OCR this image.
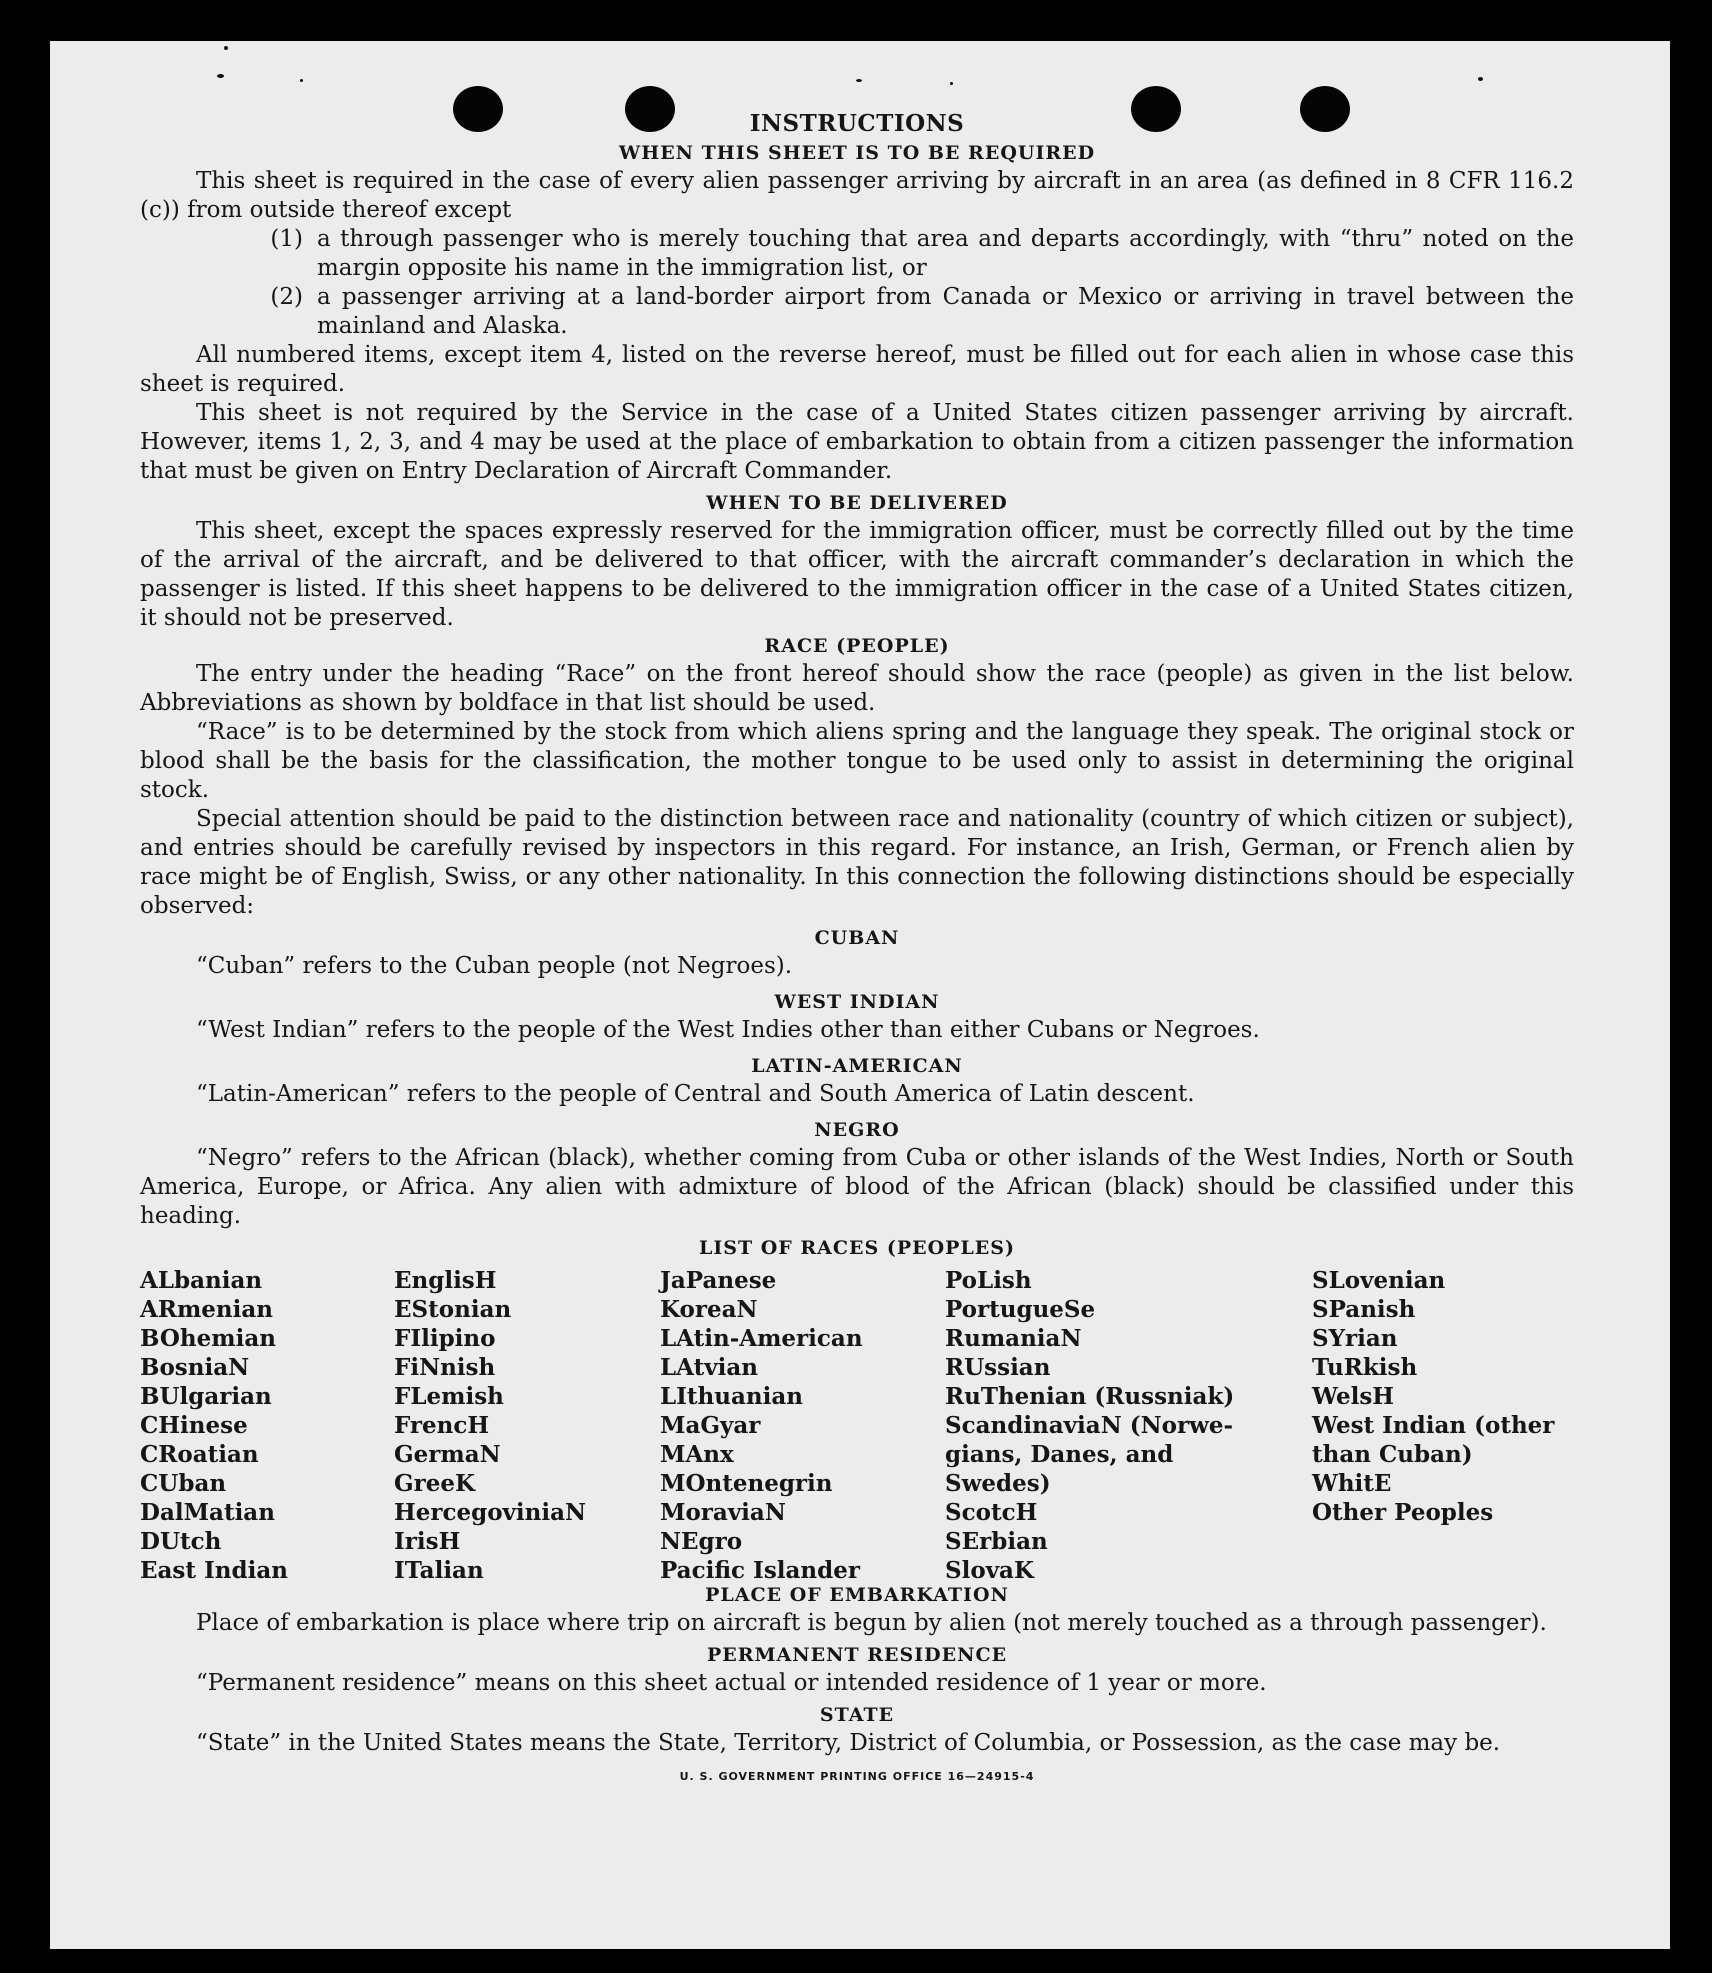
INSTRUCTIONS
WHEN THIS SHEET IS TO BE REQUIRED
This sheet is required in the case of every alien passenger arriving by aircraft in an area (as defined in 8 CFR 116.2 (c)) from outside thereof except
(1) a through passenger who is merely touching that area and departs accordingly, with “thru” noted on the margin opposite his name in the immigration list, or
(2) a passenger arriving at a land-border airport from Canada or Mexico or arriving in travel between the mainland and Alaska.
All numbered items, except item 4, listed on the reverse hereof, must be filled out for each alien in whose case this sheet is required.
This sheet is not required by the Service in the case of a United States citizen passenger arriving by aircraft. However, items 1, 2, 3, and 4 may be used at the place of embarkation to obtain from a citizen passenger the information that must be given on Entry Declaration of Aircraft Commander.
WHEN TO BE DELIVERED
This sheet, except the spaces expressly reserved for the immigration officer, must be correctly filled out by the time of the arrival of the aircraft, and be delivered to that officer, with the aircraft commander’s declaration in which the passenger is listed. If this sheet happens to be delivered to the immigration officer in the case of a United States citizen, it should not be preserved.
RACE (PEOPLE)
The entry under the heading “Race” on the front hereof should show the race (people) as given in the list below. Abbreviations as shown by boldface in that list should be used.
“Race” is to be determined by the stock from which aliens spring and the language they speak. The original stock or blood shall be the basis for the classification, the mother tongue to be used only to assist in determining the original stock.
Special attention should be paid to the distinction between race and nationality (country of which citizen or subject), and entries should be carefully revised by inspectors in this regard. For instance, an Irish, German, or French alien by race might be of English, Swiss, or any other nationality. In this connection the following distinctions should be especially observed:
CUBAN
“Cuban” refers to the Cuban people (not Negroes).
WEST INDIAN
“West Indian” refers to the people of the West Indies other than either Cubans or Negroes.
LATIN-AMERICAN
“Latin-American” refers to the people of Central and South America of Latin descent.
NEGRO
“Negro” refers to the African (black), whether coming from Cuba or other islands of the West Indies, North or South America, Europe, or Africa. Any alien with admixture of blood of the African (black) should be classified under this heading.
LIST OF RACES (PEOPLES)
ALbanian
ARmenian
BOhemian
BosniaN
BUlgarian
CHinese
CRoatian
CUban
DalMatian
DUtch
East Indian
EnglisH
EStonian
FIlipino
FiNnish
FLemish
FrencH
GermaN
GreeK
HercegoviniaN
IrisH
ITalian
JaPanese
KoreaN
LAtin-American
LAtvian
LIthuanian
MaGyar
MAnx
MOntenegrin
MoraviaN
NEgro
Pacific Islander
PoLish
PortugueSe
RumaniaN
RUssian
RuThenian (Russniak)
ScandinaviaN (Norwe-
gians, Danes, and
Swedes)
ScotcH
SErbian
SlovaK
SLovenian
SPanish
SYrian
TuRkish
WelsH
West Indian (other
than Cuban)
WhitE
Other Peoples
PLACE OF EMBARKATION
Place of embarkation is place where trip on aircraft is begun by alien (not merely touched as a through passenger).
PERMANENT RESIDENCE
“Permanent residence” means on this sheet actual or intended residence of 1 year or more.
STATE
“State” in the United States means the State, Territory, District of Columbia, or Possession, as the case may be.
U. S. GOVERNMENT PRINTING OFFICE 16—24915-4
